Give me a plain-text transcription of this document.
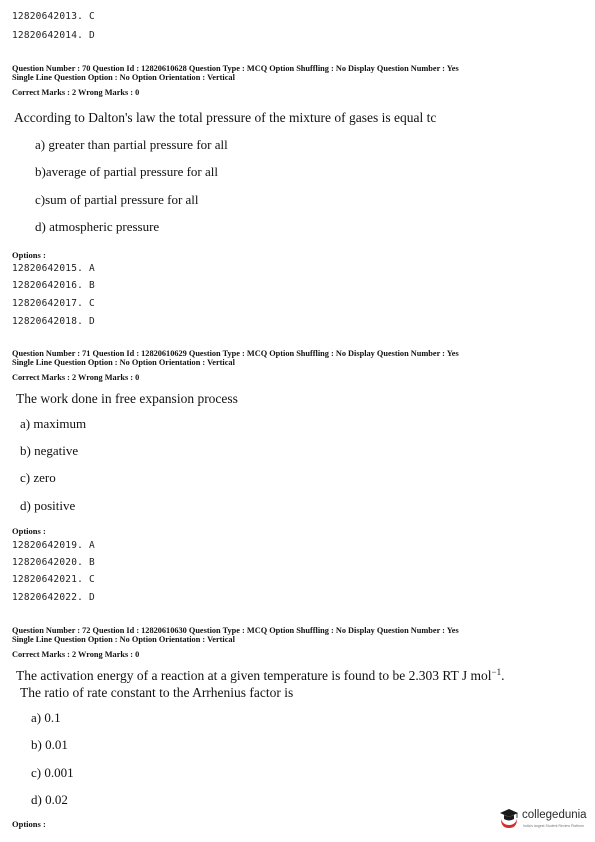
12820642013. C
12820642014. D
Question Number : 70 Question Id : 12820610628 Question Type : MCQ Option Shuffling : No Display Question Number : Yes
Single Line Question Option : No Option Orientation : Vertical
Correct Marks : 2 Wrong Marks : 0
According to Dalton's law the total pressure of the mixture of gases is equal tc
a) greater than partial pressure for all
b)average of partial pressure for all
c)sum of partial pressure for all
d) atmospheric pressure
Options :
12820642015. A
12820642016. B
12820642017. C
12820642018. D
Question Number : 71 Question Id : 12820610629 Question Type : MCQ Option Shuffling : No Display Question Number : Yes
Single Line Question Option : No Option Orientation : Vertical
Correct Marks : 2 Wrong Marks : 0
The work done in free expansion process
a) maximum
b) negative
c) zero
d) positive
Options :
12820642019. A
12820642020. B
12820642021. C
12820642022. D
Question Number : 72 Question Id : 12820610630 Question Type : MCQ Option Shuffling : No Display Question Number : Yes
Single Line Question Option : No Option Orientation : Vertical
Correct Marks : 2 Wrong Marks : 0
The activation energy of a reaction at a given temperature is found to be 2.303 RT J mol$^{-1}$.
The ratio of rate constant to the Arrhenius factor is
a) 0.1
b) 0.01
c) 0.001
d) 0.02
Options :
collegedunia
India's largest Student Review Platform
